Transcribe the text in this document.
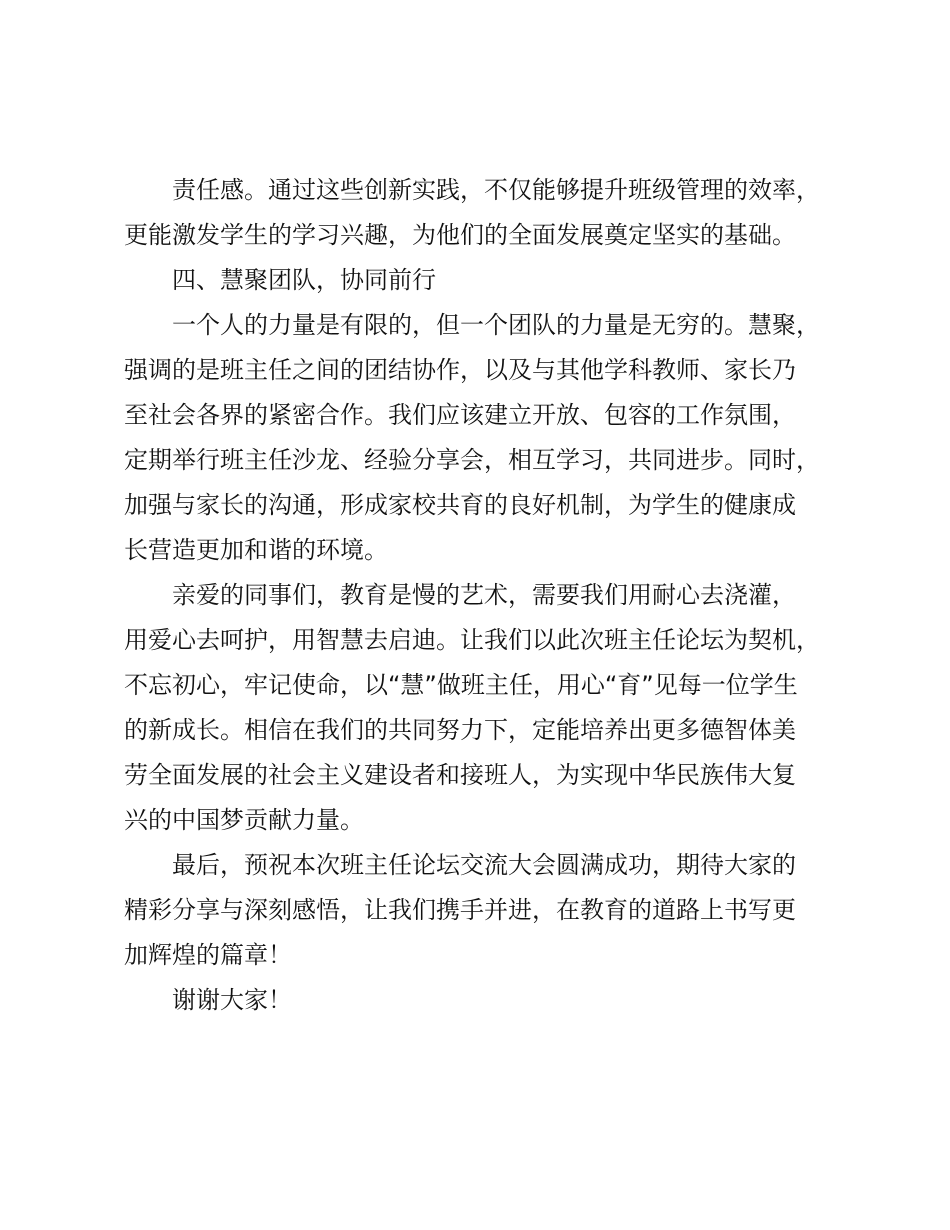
责任感。通过这些创新实践，不仅能够提升班级管理的效率，
更能激发学生的学习兴趣，为他们的全面发展奠定坚实的基础。
四、慧聚团队，协同前行
一个人的力量是有限的，但一个团队的力量是无穷的。慧聚，
强调的是班主任之间的团结协作，以及与其他学科教师、家长乃
至社会各界的紧密合作。我们应该建立开放、包容的工作氛围，
定期举行班主任沙龙、经验分享会，相互学习，共同进步。同时，
加强与家长的沟通，形成家校共育的良好机制，为学生的健康成
长营造更加和谐的环境。
亲爱的同事们，教育是慢的艺术，需要我们用耐心去浇灌，
用爱心去呵护，用智慧去启迪。让我们以此次班主任论坛为契机，
不忘初心，牢记使命，以“慧”做班主任，用心“育”见每一位学生
的新成长。相信在我们的共同努力下，定能培养出更多德智体美
劳全面发展的社会主义建设者和接班人，为实现中华民族伟大复
兴的中国梦贡献力量。
最后，预祝本次班主任论坛交流大会圆满成功，期待大家的
精彩分享与深刻感悟，让我们携手并进，在教育的道路上书写更
加辉煌的篇章！
谢谢大家！
